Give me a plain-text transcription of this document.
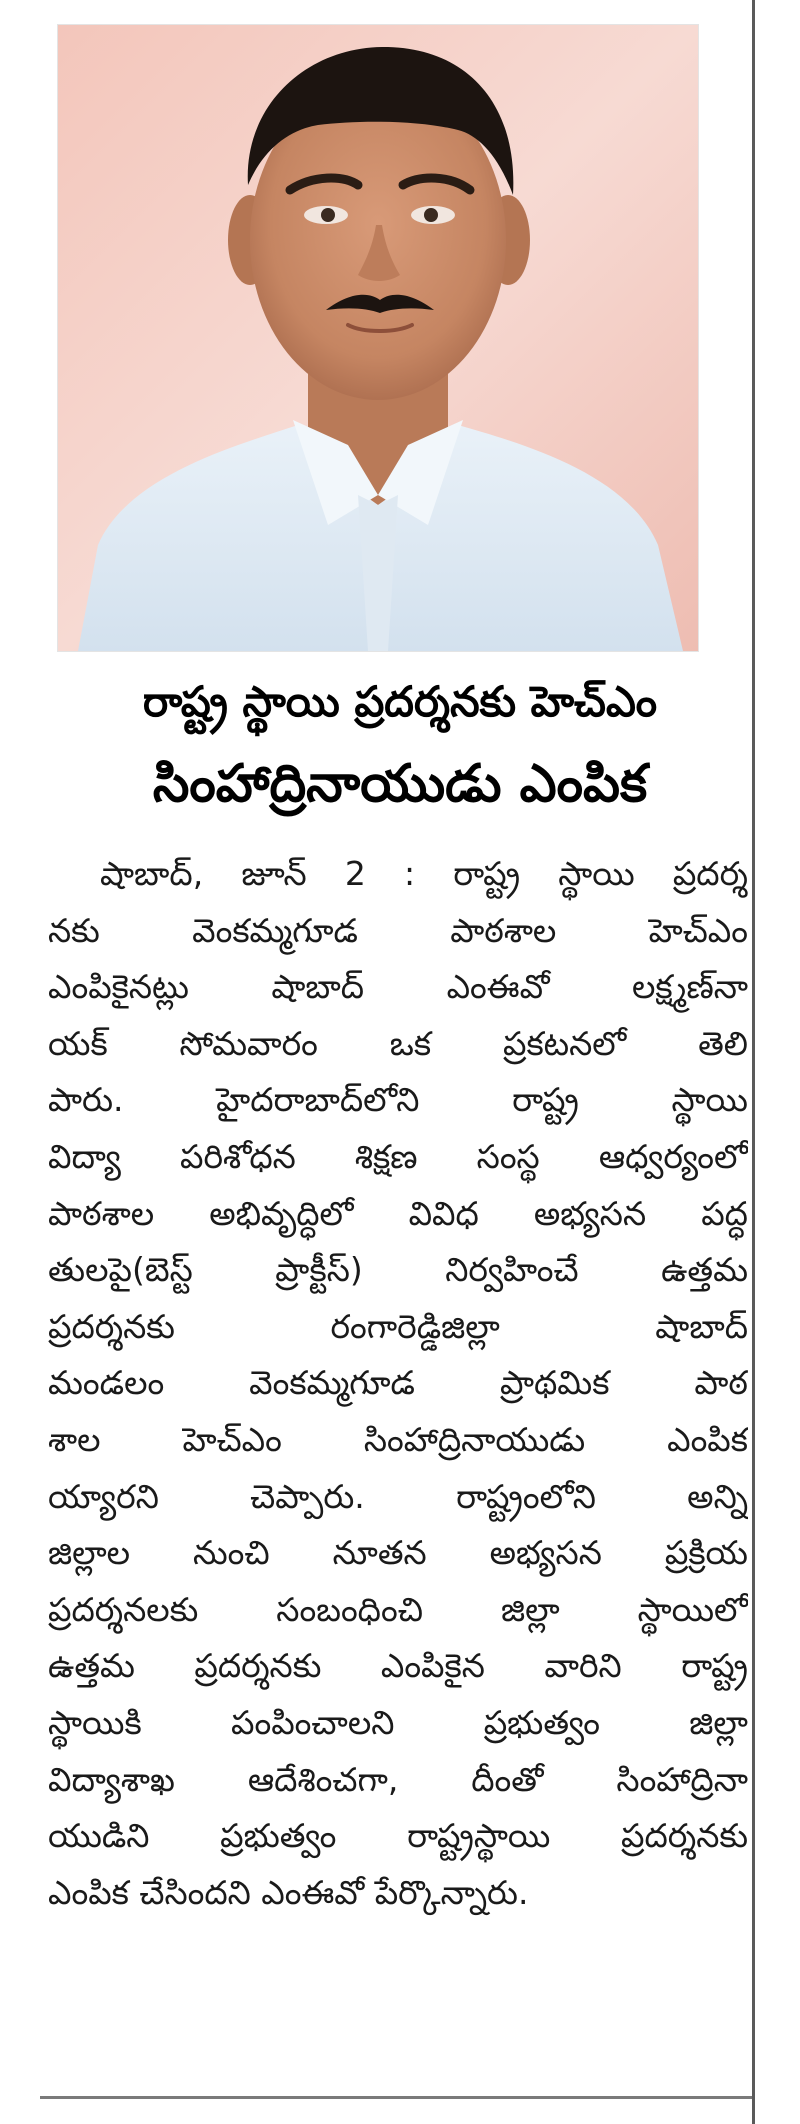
రాష్ట్ర స్థాయి ప్రదర్శనకు హెచ్‌ఎం
సింహాద్రినాయుడు ఎంపిక
షాబాద్, జూన్ 2 : రాష్ట్ర స్థాయి ప్రదర్శ
నకు వెంకమ్మగూడ పాఠశాల హెచ్‌ఎం
ఎంపికైనట్లు షాబాద్ ఎంఈవో లక్ష్మణ్‌నా
యక్ సోమవారం ఒక ప్రకటనలో తెలి
పారు. హైదరాబాద్‌లోని రాష్ట్ర స్థాయి
విద్యా పరిశోధన శిక్షణ సంస్థ ఆధ్వర్యంలో
పాఠశాల అభివృద్ధిలో వివిధ అభ్యసన పద్ధ
తులపై(బెస్ట్ ప్రాక్టీస్) నిర్వహించే ఉత్తమ
ప్రదర్శనకు రంగారెడ్డిజిల్లా షాబాద్
మండలం వెంకమ్మగూడ ప్రాథమిక పాఠ
శాల హెచ్‌ఎం సింహాద్రినాయుడు ఎంపిక
య్యారని చెప్పారు. రాష్ట్రంలోని అన్ని
జిల్లాల నుంచి నూతన అభ్యసన ప్రక్రియ
ప్రదర్శనలకు సంబంధించి జిల్లా స్థాయిలో
ఉత్తమ ప్రదర్శనకు ఎంపికైన వారిని రాష్ట్ర
స్థాయికి పంపించాలని ప్రభుత్వం జిల్లా
విద్యాశాఖ ఆదేశించగా, దీంతో సింహాద్రినా
యుడిని ప్రభుత్వం రాష్ట్రస్థాయి ప్రదర్శనకు
ఎంపిక చేసిందని ఎంఈవో పేర్కొన్నారు.
